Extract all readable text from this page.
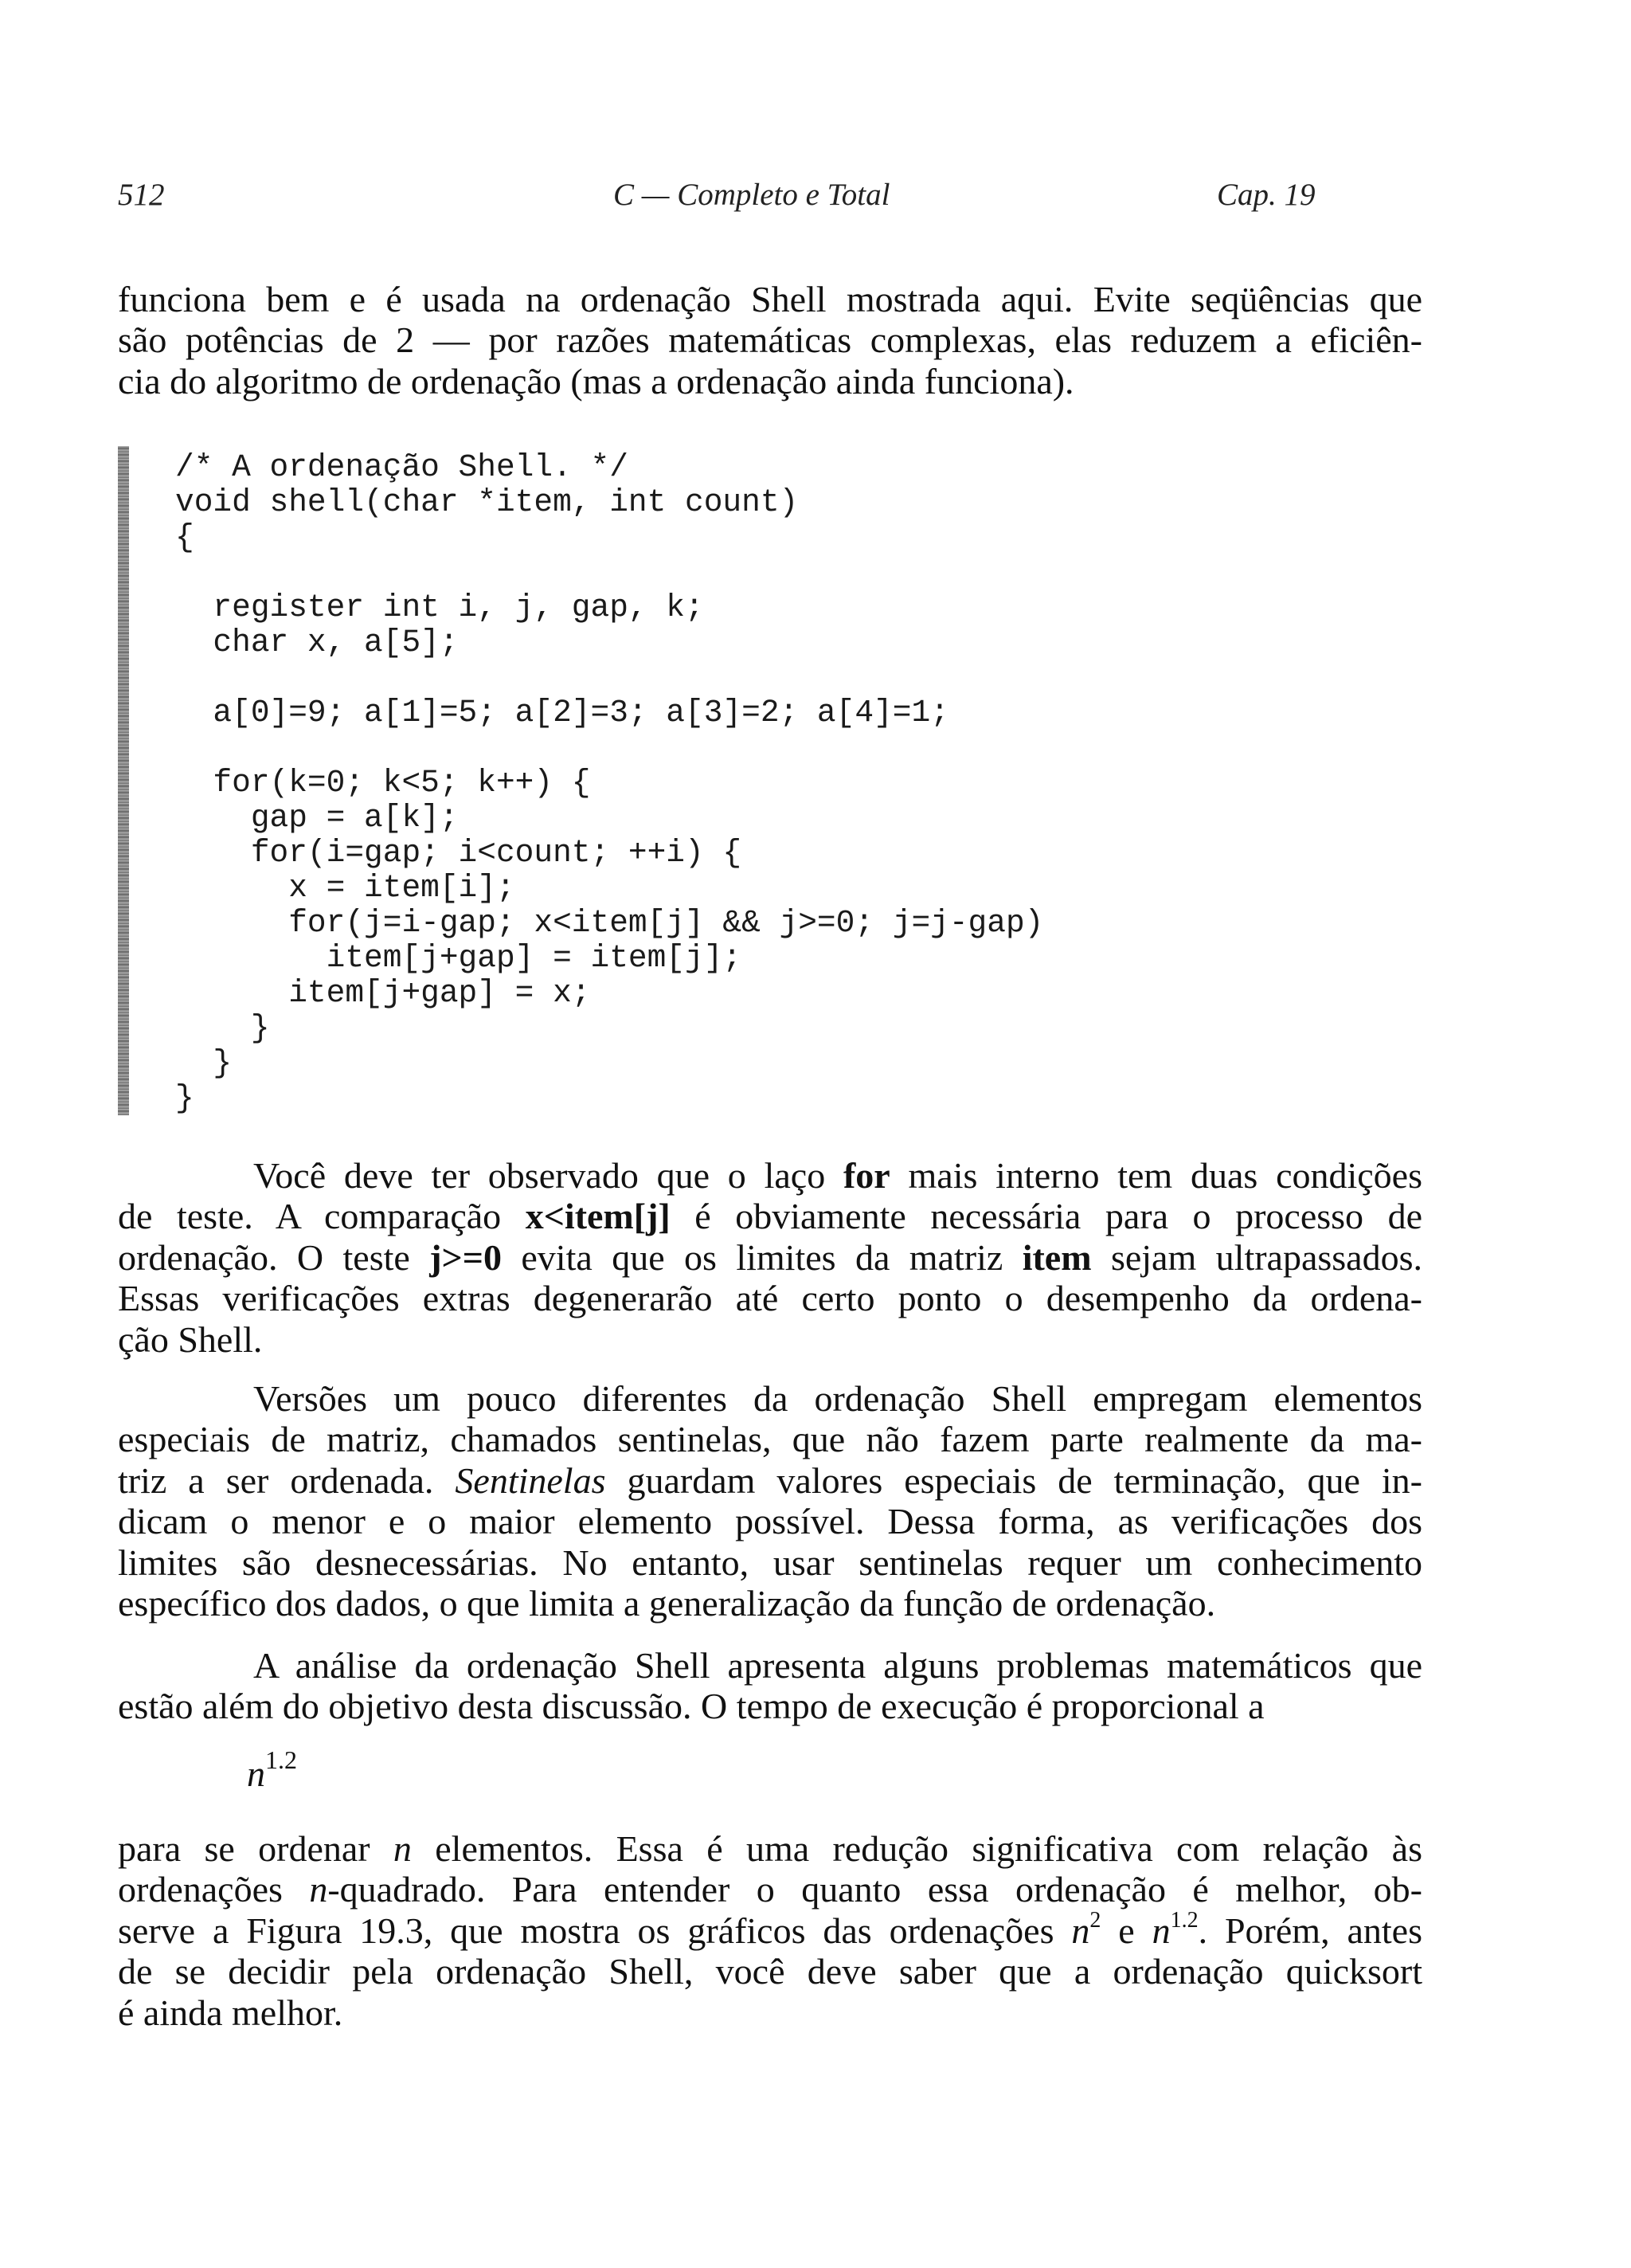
512	C — Completo e Total	Cap. 19
funciona bem e é usada na ordenação Shell mostrada aqui. Evite seqüências que
são potências de 2 — por razões matemáticas complexas, elas reduzem a eficiên-
cia do algoritmo de ordenação (mas a ordenação ainda funciona).
/* A ordenação Shell. */
void shell(char *item, int count)
{
register int i, j, gap, k;
char x, a[5];
a[0]=9; a[1]=5; a[2]=3; a[3]=2; a[4]=1;
for(k=0; k<5; k++) {
gap = a[k];
for(i=gap; i<count; ++i) {
x = item[i];
for(j=i-gap; x<item[j] && j>=0; j=j-gap)
item[j+gap] = item[j];
item[j+gap] = x;
}
}
}
Você deve ter observado que o laço for mais interno tem duas condições
de teste. A comparação x<item[j] é obviamente necessária para o processo de
ordenação. O teste j>=0 evita que os limites da matriz item sejam ultrapassados.
Essas verificações extras degenerarão até certo ponto o desempenho da ordena-
ção Shell.
Versões um pouco diferentes da ordenação Shell empregam elementos
especiais de matriz, chamados sentinelas, que não fazem parte realmente da ma-
triz a ser ordenada. Sentinelas guardam valores especiais de terminação, que in-
dicam o menor e o maior elemento possível. Dessa forma, as verificações dos
limites são desnecessárias. No entanto, usar sentinelas requer um conhecimento
específico dos dados, o que limita a generalização da função de ordenação.
A análise da ordenação Shell apresenta alguns problemas matemáticos que
estão além do objetivo desta discussão. O tempo de execução é proporcional a
$n^{1.2}$
para se ordenar n elementos. Essa é uma redução significativa com relação às
ordenações n-quadrado. Para entender o quanto essa ordenação é melhor, ob-
serve a Figura 19.3, que mostra os gráficos das ordenações $n^2$ e $n^{1.2}$. Porém, antes
de se decidir pela ordenação Shell, você deve saber que a ordenação quicksort
é ainda melhor.
